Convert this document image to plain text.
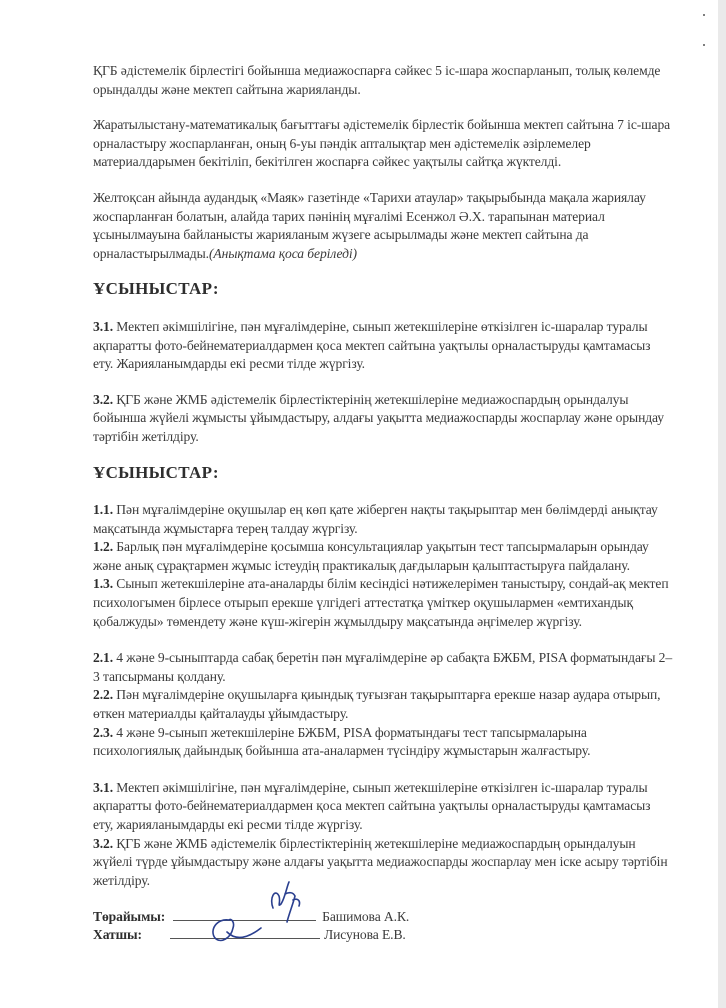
ҚГБ әдістемелік бірлестігі бойынша медиажоспарға сәйкес 5 іс-шара жоспарланып, толық көлемде орындалды және мектеп сайтына жарияланды.

Жаратылыстану-математикалық бағыттағы әдістемелік бірлестік бойынша мектеп сайтына 7 іс-шара орналастыру жоспарланған, оның 6-уы пәндік апталықтар мен әдістемелік әзірлемелер материалдарымен бекітіліп, бекітілген жоспарға сәйкес уақтылы сайтқа жүктелді.

Желтоқсан айында аудандық «Маяк» газетінде «Тарихи атаулар» тақырыбында мақала жариялау жоспарланған болатын, алайда тарих пәнінің мұғалімі Есенжол Ә.Х. тарапынан материал ұсынылмауына байланысты жарияланым жүзеге асырылмады және мектеп сайтына да орналастырылмады.(Анықтама қоса беріледі)

ҰСЫНЫСТАР:

3.1. Мектеп әкімшілігіне, пән мұғалімдеріне, сынып жетекшілеріне өткізілген іс-шаралар туралы ақпаратты фото-бейнематериалдармен қоса мектеп сайтына уақтылы орналастыруды қамтамасыз ету. Жарияланымдарды екі ресми тілде жүргізу.

3.2. ҚГБ және ЖМБ әдістемелік бірлестіктерінің жетекшілеріне медиажоспардың орындалуы бойынша жүйелі жұмысты ұйымдастыру, алдағы уақытта медиажоспарды жоспарлау және орындау тәртібін жетілдіру.

ҰСЫНЫСТАР:

1.1. Пән мұғалімдеріне оқушылар ең көп қате жіберген нақты тақырыптар мен бөлімдерді анықтау мақсатында жұмыстарға терең талдау жүргізу.

1.2. Барлық пән мұғалімдеріне қосымша консультациялар уақытын тест тапсырмаларын орындау және анық сұрақтармен жұмыс істеудің практикалық дағдыларын қалыптастыруға пайдалану.

1.3. Сынып жетекшілеріне ата-аналарды білім кесіндісі нәтижелерімен таныстыру, сондай-ақ мектеп психологымен бірлесе отырып ерекше үлгідегі аттестатқа үміткер оқушылармен «емтихандық қобалжуды» төмендету және күш-жігерін жұмылдыру мақсатында әңгімелер жүргізу.

2.1. 4 және 9-сыныптарда сабақ беретін пән мұғалімдеріне әр сабақта БЖБМ, PISA форматындағы 2–3 тапсырманы қолдану.

2.2. Пән мұғалімдеріне оқушыларға қиындық туғызған тақырыптарға ерекше назар аудара отырып, өткен материалды қайталауды ұйымдастыру.

2.3. 4 және 9-сынып жетекшілеріне БЖБМ, PISA форматындағы тест тапсырмаларына психологиялық дайындық бойынша ата-аналармен түсіндіру жұмыстарын жалғастыру.

3.1. Мектеп әкімшілігіне, пән мұғалімдеріне, сынып жетекшілеріне өткізілген іс-шаралар туралы ақпаратты фото-бейнематериалдармен қоса мектеп сайтына уақтылы орналастыруды қамтамасыз ету, жарияланымдарды екі ресми тілде жүргізу.

3.2. ҚГБ және ЖМБ әдістемелік бірлестіктерінің жетекшілеріне медиажоспардың орындалуын жүйелі түрде ұйымдастыру және алдағы уақытта медиажоспарды жоспарлау мен іске асыру тәртібін жетілдіру.

Төрайымы:	Башимова А.К.
Хатшы:	Лисунова Е.В.
